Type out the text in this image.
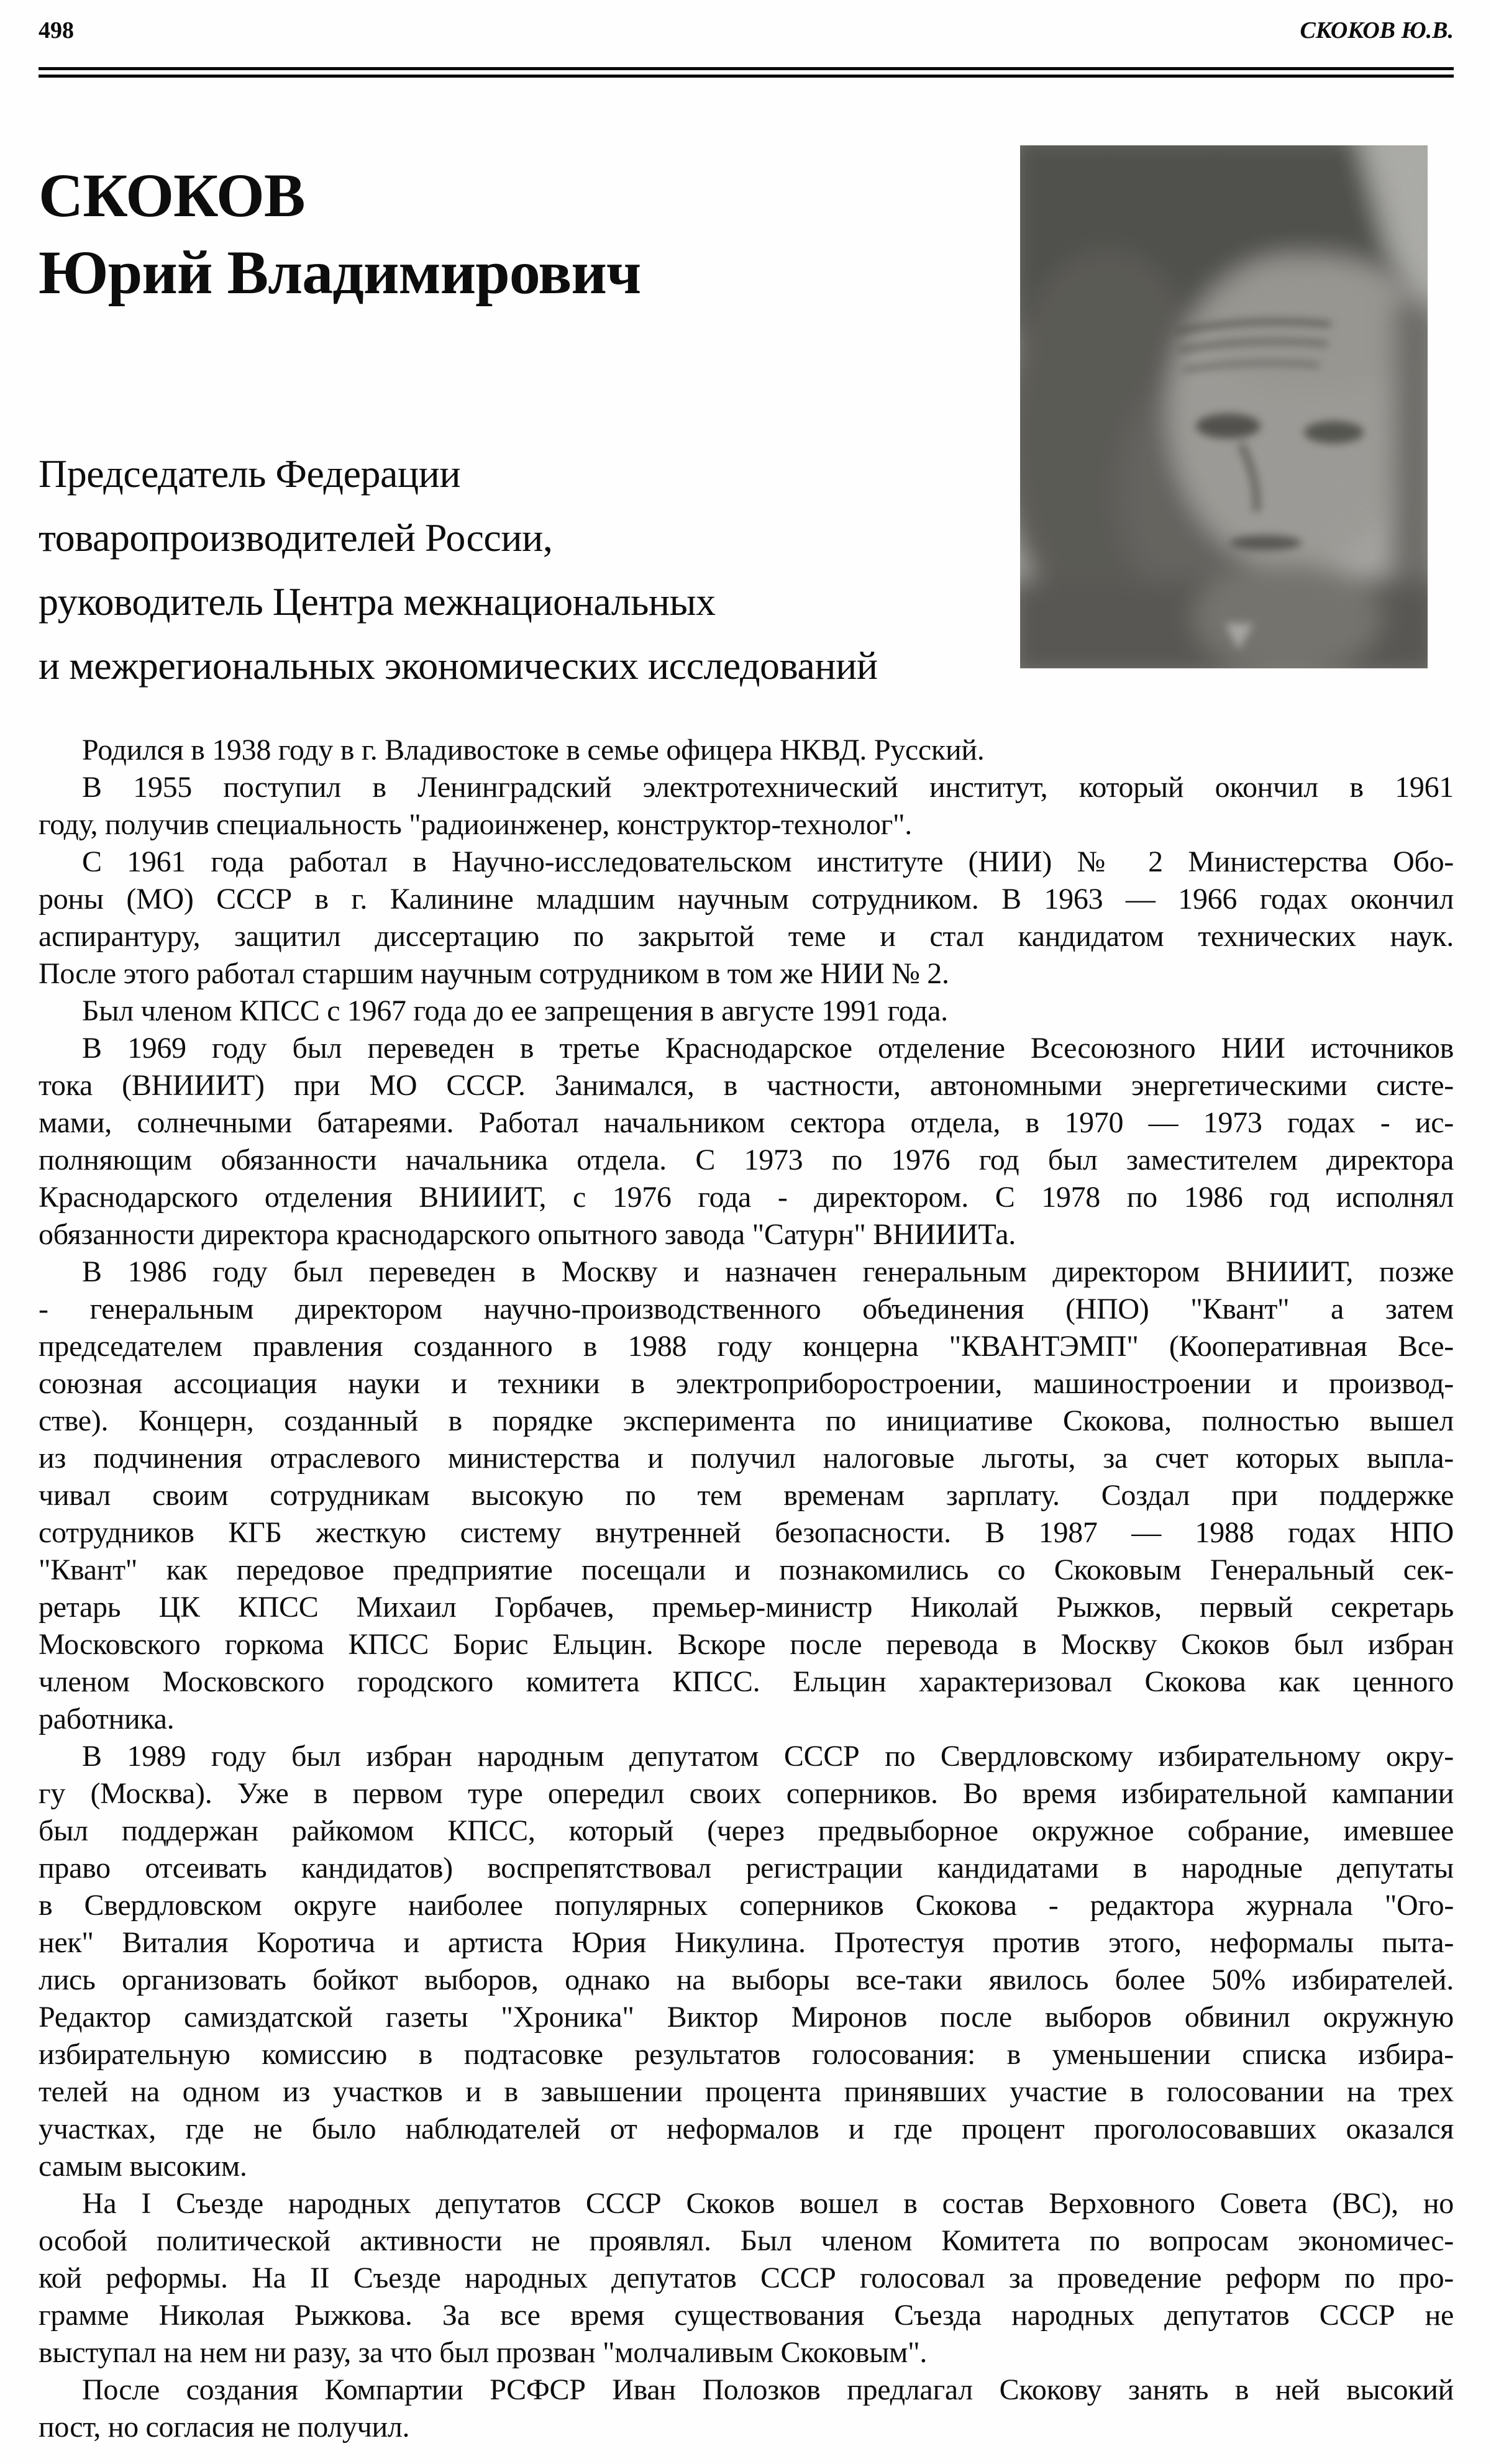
498	СКОКОВ Ю.В.
СКОКОВ
Юрий Владимирович
Председатель Федерации
товаропроизводителей России,
руководитель Центра межнациональных
и межрегиональных экономических исследований
Родился в 1938 году в г. Владивостоке в семье офицера НКВД. Русский.
В 1955 поступил в Ленинградский электротехнический институт, который окончил в 1961
году, получив специальность "радиоинженер, конструктор-технолог".
С 1961 года работал в Научно-исследовательском институте (НИИ) № 2 Министерства Обо-
роны (МО) СССР в г. Калинине младшим научным сотрудником. В 1963 — 1966 годах окончил
аспирантуру, защитил диссертацию по закрытой теме и стал кандидатом технических наук.
После этого работал старшим научным сотрудником в том же НИИ № 2.
Был членом КПСС с 1967 года до ее запрещения в августе 1991 года.
В 1969 году был переведен в третье Краснодарское отделение Всесоюзного НИИ источников
тока (ВНИИИТ) при МО СССР. Занимался, в частности, автономными энергетическими систе-
мами, солнечными батареями. Работал начальником сектора отдела, в 1970 — 1973 годах - ис-
полняющим обязанности начальника отдела. С 1973 по 1976 год был заместителем директора
Краснодарского отделения ВНИИИТ, с 1976 года - директором. С 1978 по 1986 год исполнял
обязанности директора краснодарского опытного завода "Сатурн" ВНИИИТа.
В 1986 году был переведен в Москву и назначен генеральным директором ВНИИИТ, позже
- генеральным директором научно-производственного объединения (НПО) "Квант" а затем
председателем правления созданного в 1988 году концерна "КВАНТЭМП" (Кооперативная Все-
союзная ассоциация науки и техники в электроприборостроении, машиностроении и производ-
стве). Концерн, созданный в порядке эксперимента по инициативе Скокова, полностью вышел
из подчинения отраслевого министерства и получил налоговые льготы, за счет которых выпла-
чивал своим сотрудникам высокую по тем временам зарплату. Создал при поддержке
сотрудников КГБ жесткую систему внутренней безопасности. В 1987 — 1988 годах НПО
"Квант" как передовое предприятие посещали и познакомились со Скоковым Генеральный сек-
ретарь ЦК КПСС Михаил Горбачев, премьер-министр Николай Рыжков, первый секретарь
Московского горкома КПСС Борис Ельцин. Вскоре после перевода в Москву Скоков был избран
членом Московского городского комитета КПСС. Ельцин характеризовал Скокова как ценного
работника.
В 1989 году был избран народным депутатом СССР по Свердловскому избирательному окру-
гу (Москва). Уже в первом туре опередил своих соперников. Во время избирательной кампании
был поддержан райкомом КПСС, который (через предвыборное окружное собрание, имевшее
право отсеивать кандидатов) воспрепятствовал регистрации кандидатами в народные депутаты
в Свердловском округе наиболее популярных соперников Скокова - редактора журнала "Ого-
нек" Виталия Коротича и артиста Юрия Никулина. Протестуя против этого, неформалы пыта-
лись организовать бойкот выборов, однако на выборы все-таки явилось более 50% избирателей.
Редактор самиздатской газеты "Хроника" Виктор Миронов после выборов обвинил окружную
избирательную комиссию в подтасовке результатов голосования: в уменьшении списка избира-
телей на одном из участков и в завышении процента принявших участие в голосовании на трех
участках, где не было наблюдателей от неформалов и где процент проголосовавших оказался
самым высоким.
На I Съезде народных депутатов СССР Скоков вошел в состав Верховного Совета (ВС), но
особой политической активности не проявлял. Был членом Комитета по вопросам экономичес-
кой реформы. На II Съезде народных депутатов СССР голосовал за проведение реформ по про-
грамме Николая Рыжкова. За все время существования Съезда народных депутатов СССР не
выступал на нем ни разу, за что был прозван "молчаливым Скоковым".
После создания Компартии РСФСР Иван Полозков предлагал Скокову занять в ней высокий
пост, но согласия не получил.
